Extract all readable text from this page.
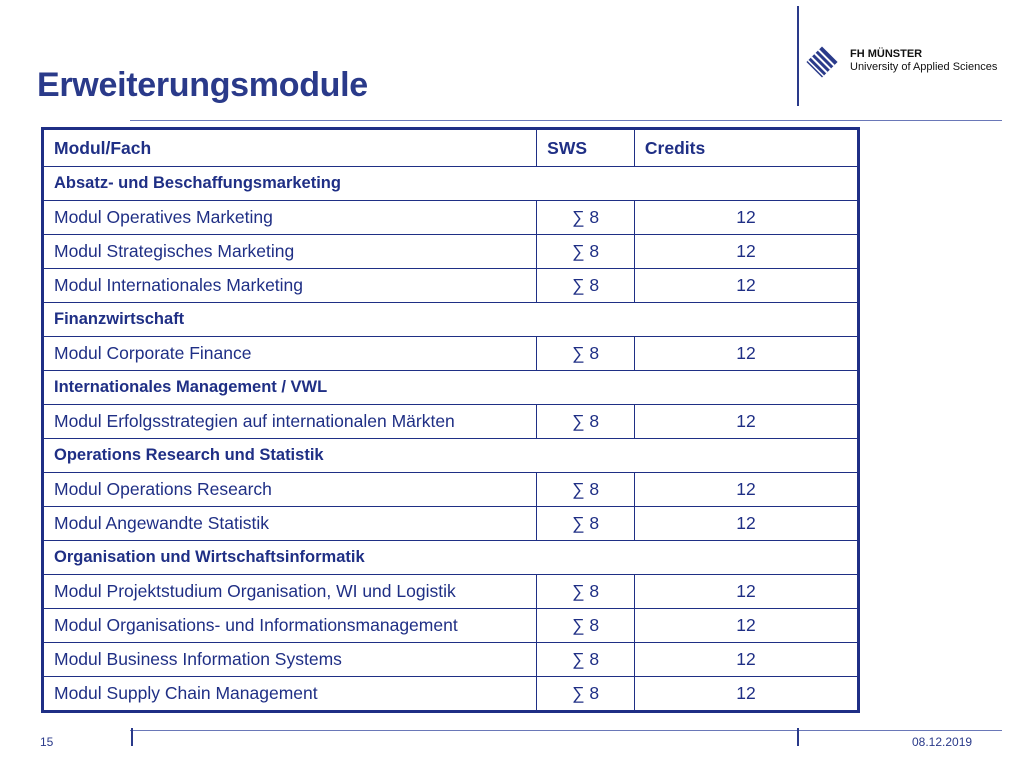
FH MÜNSTER
University of Applied Sciences
Erweiterungsmodule
Modul/Fach	SWS	Credits
Absatz- und Beschaffungsmarketing		
Modul Operatives Marketing	∑ 8	12
Modul Strategisches Marketing	∑ 8	12
Modul Internationales Marketing	∑ 8	12
Finanzwirtschaft		
Modul Corporate Finance	∑ 8	12
Internationales Management / VWL		
Modul Erfolgsstrategien auf internationalen Märkten	∑ 8	12
Operations Research und Statistik		
Modul Operations Research	∑ 8	12
Modul Angewandte Statistik	∑ 8	12
Organisation und Wirtschaftsinformatik		
Modul Projektstudium Organisation, WI und Logistik	∑ 8	12
Modul Organisations- und Informationsmanagement	∑ 8	12
Modul Business Information Systems	∑ 8	12
Modul Supply Chain Management	∑ 8	12
15	08.12.2019
